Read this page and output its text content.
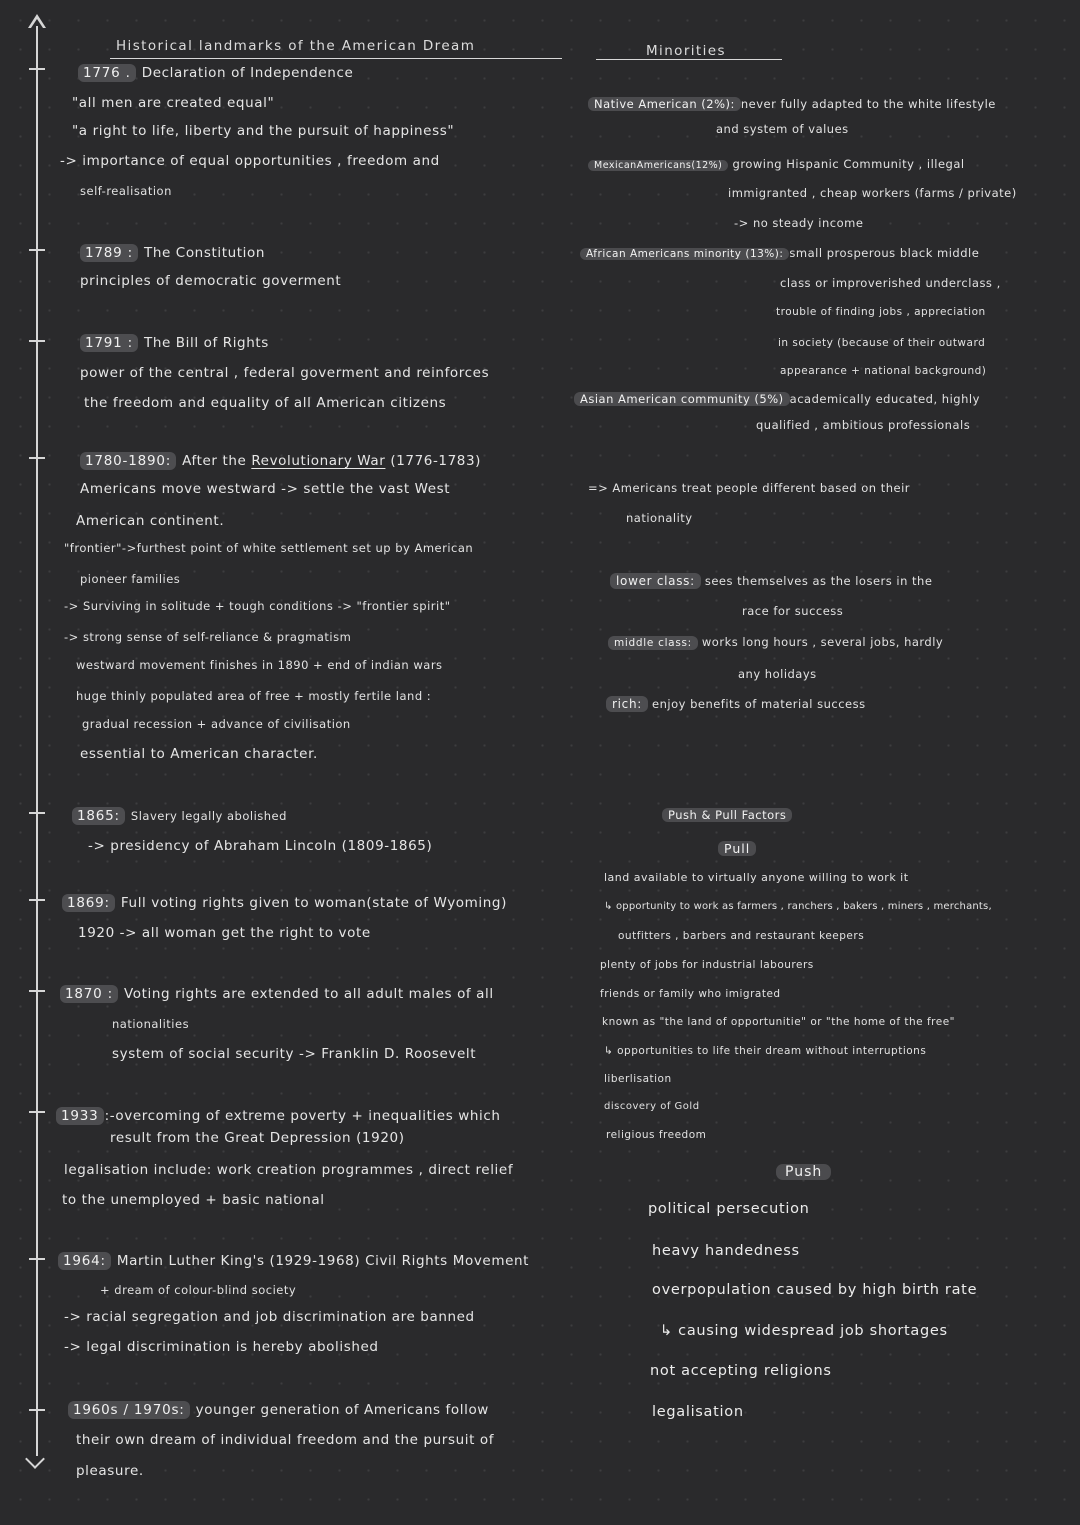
Historical landmarks of the American Dream
1776 . Declaration of Independence
"all men are created equal"
"a right to life, liberty and the pursuit of happiness"
-> importance of equal opportunities , freedom and
self-realisation
1789 : The Constitution
principles of democratic goverment
1791 : The Bill of Rights
power of the central , federal goverment and reinforces
the freedom and equality of all American citizens
1780-1890: After the Revolutionary War (1776-1783)
Americans move westward -> settle the vast West
American continent.
"frontier"->furthest point of white settlement set up by American
pioneer families
-> Surviving in solitude + tough conditions -> "frontier spirit"
-> strong sense of self-reliance & pragmatism
westward movement finishes in 1890 + end of indian wars
huge thinly populated area of free + mostly fertile land :
gradual recession + advance of civilisation
essential to American character.
1865: Slavery legally abolished
-> presidency of Abraham Lincoln (1809-1865)
1869: Full voting rights given to woman(state of Wyoming)
1920 -> all woman get the right to vote
1870 : Voting rights are extended to all adult males of all
nationalities
system of social security -> Franklin D. Roosevelt
1933 :-overcoming of extreme poverty + inequalities which
result from the Great Depression (1920)
legalisation include: work creation programmes , direct relief
to the unemployed + basic national
1964: Martin Luther King's (1929-1968) Civil Rights Movement
+ dream of colour-blind society
-> racial segregation and job discrimination are banned
-> legal discrimination is hereby abolished
1960s / 1970s: younger generation of Americans follow
their own dream of individual freedom and the pursuit of
pleasure.
Minorities
Native American (2%): never fully adapted to the white lifestyle
and system of values
MexicanAmericans(12%) growing Hispanic Community , illegal
immigranted , cheap workers (farms / private)
-> no steady income
African Americans minority (13%): small prosperous black middle
class or improverished underclass ,
trouble of finding jobs , appreciation
in society (because of their outward
appearance + national background)
Asian American community (5%) academically educated, highly
qualified , ambitious professionals
=> Americans treat people different based on their
nationality
lower class: sees themselves as the losers in the
race for success
middle class: works long hours , several jobs, hardly
any holidays
rich: enjoy benefits of material success
Push & Pull Factors
Pull
land available to virtually anyone willing to work it
↳ opportunity to work as farmers , ranchers , bakers , miners , merchants,
outfitters , barbers and restaurant keepers
plenty of jobs for industrial labourers
friends or family who imigrated
known as "the land of opportunitie" or "the home of the free"
↳ opportunities to life their dream without interruptions
liberlisation
discovery of Gold
religious freedom
Push
political persecution
heavy handedness
overpopulation caused by high birth rate
↳ causing widespread job shortages
not accepting religions
legalisation
